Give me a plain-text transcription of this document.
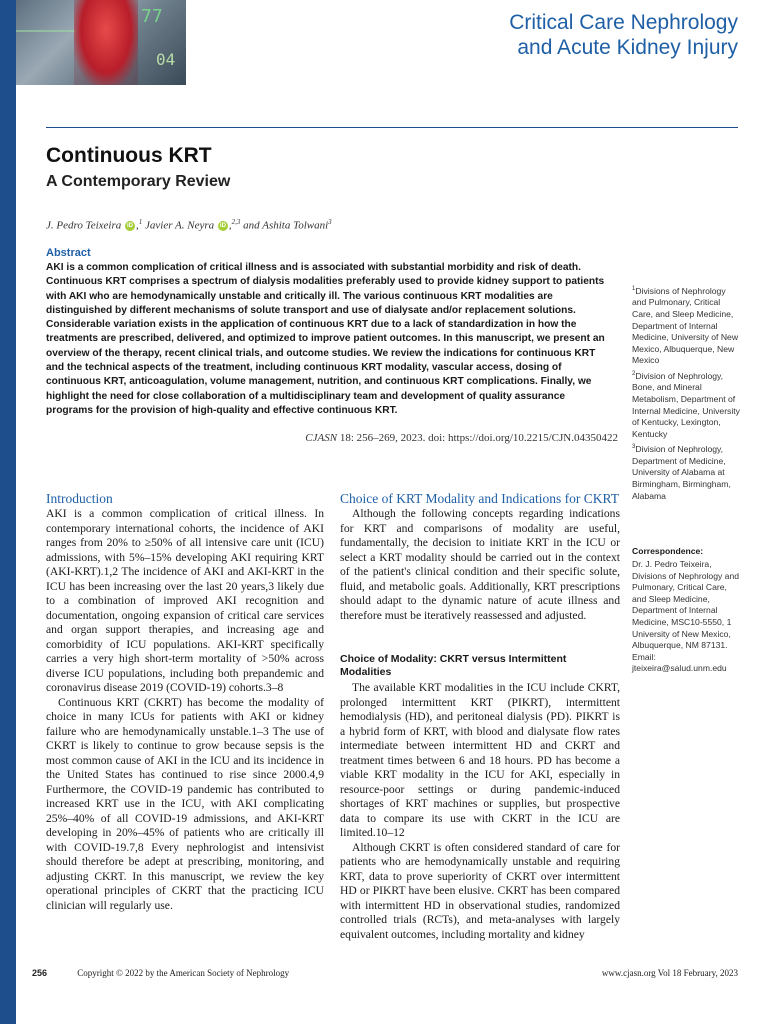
77
04
Critical Care Nephrology
and Acute Kidney Injury
Continuous KRT
A Contemporary Review
J. Pedro Teixeira iD ,$^1$ Javier A. Neyra iD ,$^{2,3}$ and Ashita Tolwani$^3$
Abstract

AKI is a common complication of critical illness and is associated with substantial morbidity and risk of death. Continuous KRT comprises a spectrum of dialysis modalities preferably used to provide kidney support to patients with AKI who are hemodynamically unstable and critically ill. The various continuous KRT modalities are distinguished by different mechanisms of solute transport and use of dialysate and/or replacement solutions. Considerable variation exists in the application of continuous KRT due to a lack of standardization in how the treatments are prescribed, delivered, and optimized to improve patient outcomes. In this manuscript, we present an overview of the therapy, recent clinical trials, and outcome studies. We review the indications for continuous KRT and the technical aspects of the treatment, including continuous KRT modality, vascular access, dosing of continuous KRT, anticoagulation, volume management, nutrition, and continuous KRT complications. Finally, we highlight the need for close collaboration of a multidisciplinary team and development of quality assurance programs for the provision of high-quality and effective continuous KRT.

CJASN 18: 256–269, 2023. doi: https://doi.org/10.2215/CJN.04350422

$^1$Divisions of Nephrology and Pulmonary, Critical Care, and Sleep Medicine, Department of Internal Medicine, University of New Mexico, Albuquerque, New Mexico

$^2$Division of Nephrology, Bone, and Mineral Metabolism, Department of Internal Medicine, University of Kentucky, Lexington, Kentucky

$^3$Division of Nephrology, Department of Medicine, University of Alabama at Birmingham, Birmingham, Alabama

Correspondence:

Dr. J. Pedro Teixeira, Divisions of Nephrology and Pulmonary, Critical Care, and Sleep Medicine, Department of Internal Medicine, MSC10-5550, 1 University of New Mexico, Albuquerque, NM 87131. Email: jteixeira@salud.unm.edu

Introduction

AKI is a common complication of critical illness. In contemporary international cohorts, the incidence of AKI ranges from 20% to ≥50% of all intensive care unit (ICU) admissions, with 5%–15% developing AKI requiring KRT (AKI-KRT).1,2 The incidence of AKI and AKI-KRT in the ICU has been increasing over the last 20 years,3 likely due to a combination of improved AKI recognition and documentation, ongoing expansion of critical care services and organ support therapies, and increasing age and comorbidity of ICU populations. AKI-KRT specifically carries a very high short-term mortality of >50% across diverse ICU populations, including both prepandemic and coronavirus disease 2019 (COVID-19) cohorts.3–8

Continuous KRT (CKRT) has become the modality of choice in many ICUs for patients with AKI or kidney failure who are hemodynamically unstable.1–3 The use of CKRT is likely to continue to grow because sepsis is the most common cause of AKI in the ICU and its incidence in the United States has continued to rise since 2000.4,9 Furthermore, the COVID-19 pandemic has contributed to increased KRT use in the ICU, with AKI complicating 25%–40% of all COVID-19 admissions, and AKI-KRT developing in 20%–45% of patients who are critically ill with COVID-19.7,8 Every nephrologist and intensivist should therefore be adept at prescribing, monitoring, and adjusting CKRT. In this manuscript, we review the key operational principles of CKRT that the practicing ICU clinician will regularly use.

Choice of KRT Modality and Indications for CKRT

Although the following concepts regarding indications for KRT and comparisons of modality are useful, fundamentally, the decision to initiate KRT in the ICU or select a KRT modality should be carried out in the context of the patient's clinical condition and their specific solute, fluid, and metabolic goals. Additionally, KRT prescriptions should adapt to the dynamic nature of acute illness and therefore must be iteratively reassessed and adjusted.

Choice of Modality: CKRT versus Intermittent Modalities

The available KRT modalities in the ICU include CKRT, prolonged intermittent KRT (PIKRT), intermittent hemodialysis (HD), and peritoneal dialysis (PD). PIKRT is a hybrid form of KRT, with blood and dialysate flow rates intermediate between intermittent HD and CKRT and treatment times between 6 and 18 hours. PD has become a viable KRT modality in the ICU for AKI, especially in resource-poor settings or during pandemic-induced shortages of KRT machines or supplies, but prospective data to compare its use with CKRT in the ICU are limited.10–12

Although CKRT is often considered standard of care for patients who are hemodynamically unstable and requiring KRT, data to prove superiority of CKRT over intermittent HD or PIKRT have been elusive. CKRT has been compared with intermittent HD in observational studies, randomized controlled trials (RCTs), and meta-analyses with largely equivalent outcomes, including mortality and kidney

256	Copyright © 2022 by the American Society of Nephrology	www.cjasn.org Vol 18 February, 2023
